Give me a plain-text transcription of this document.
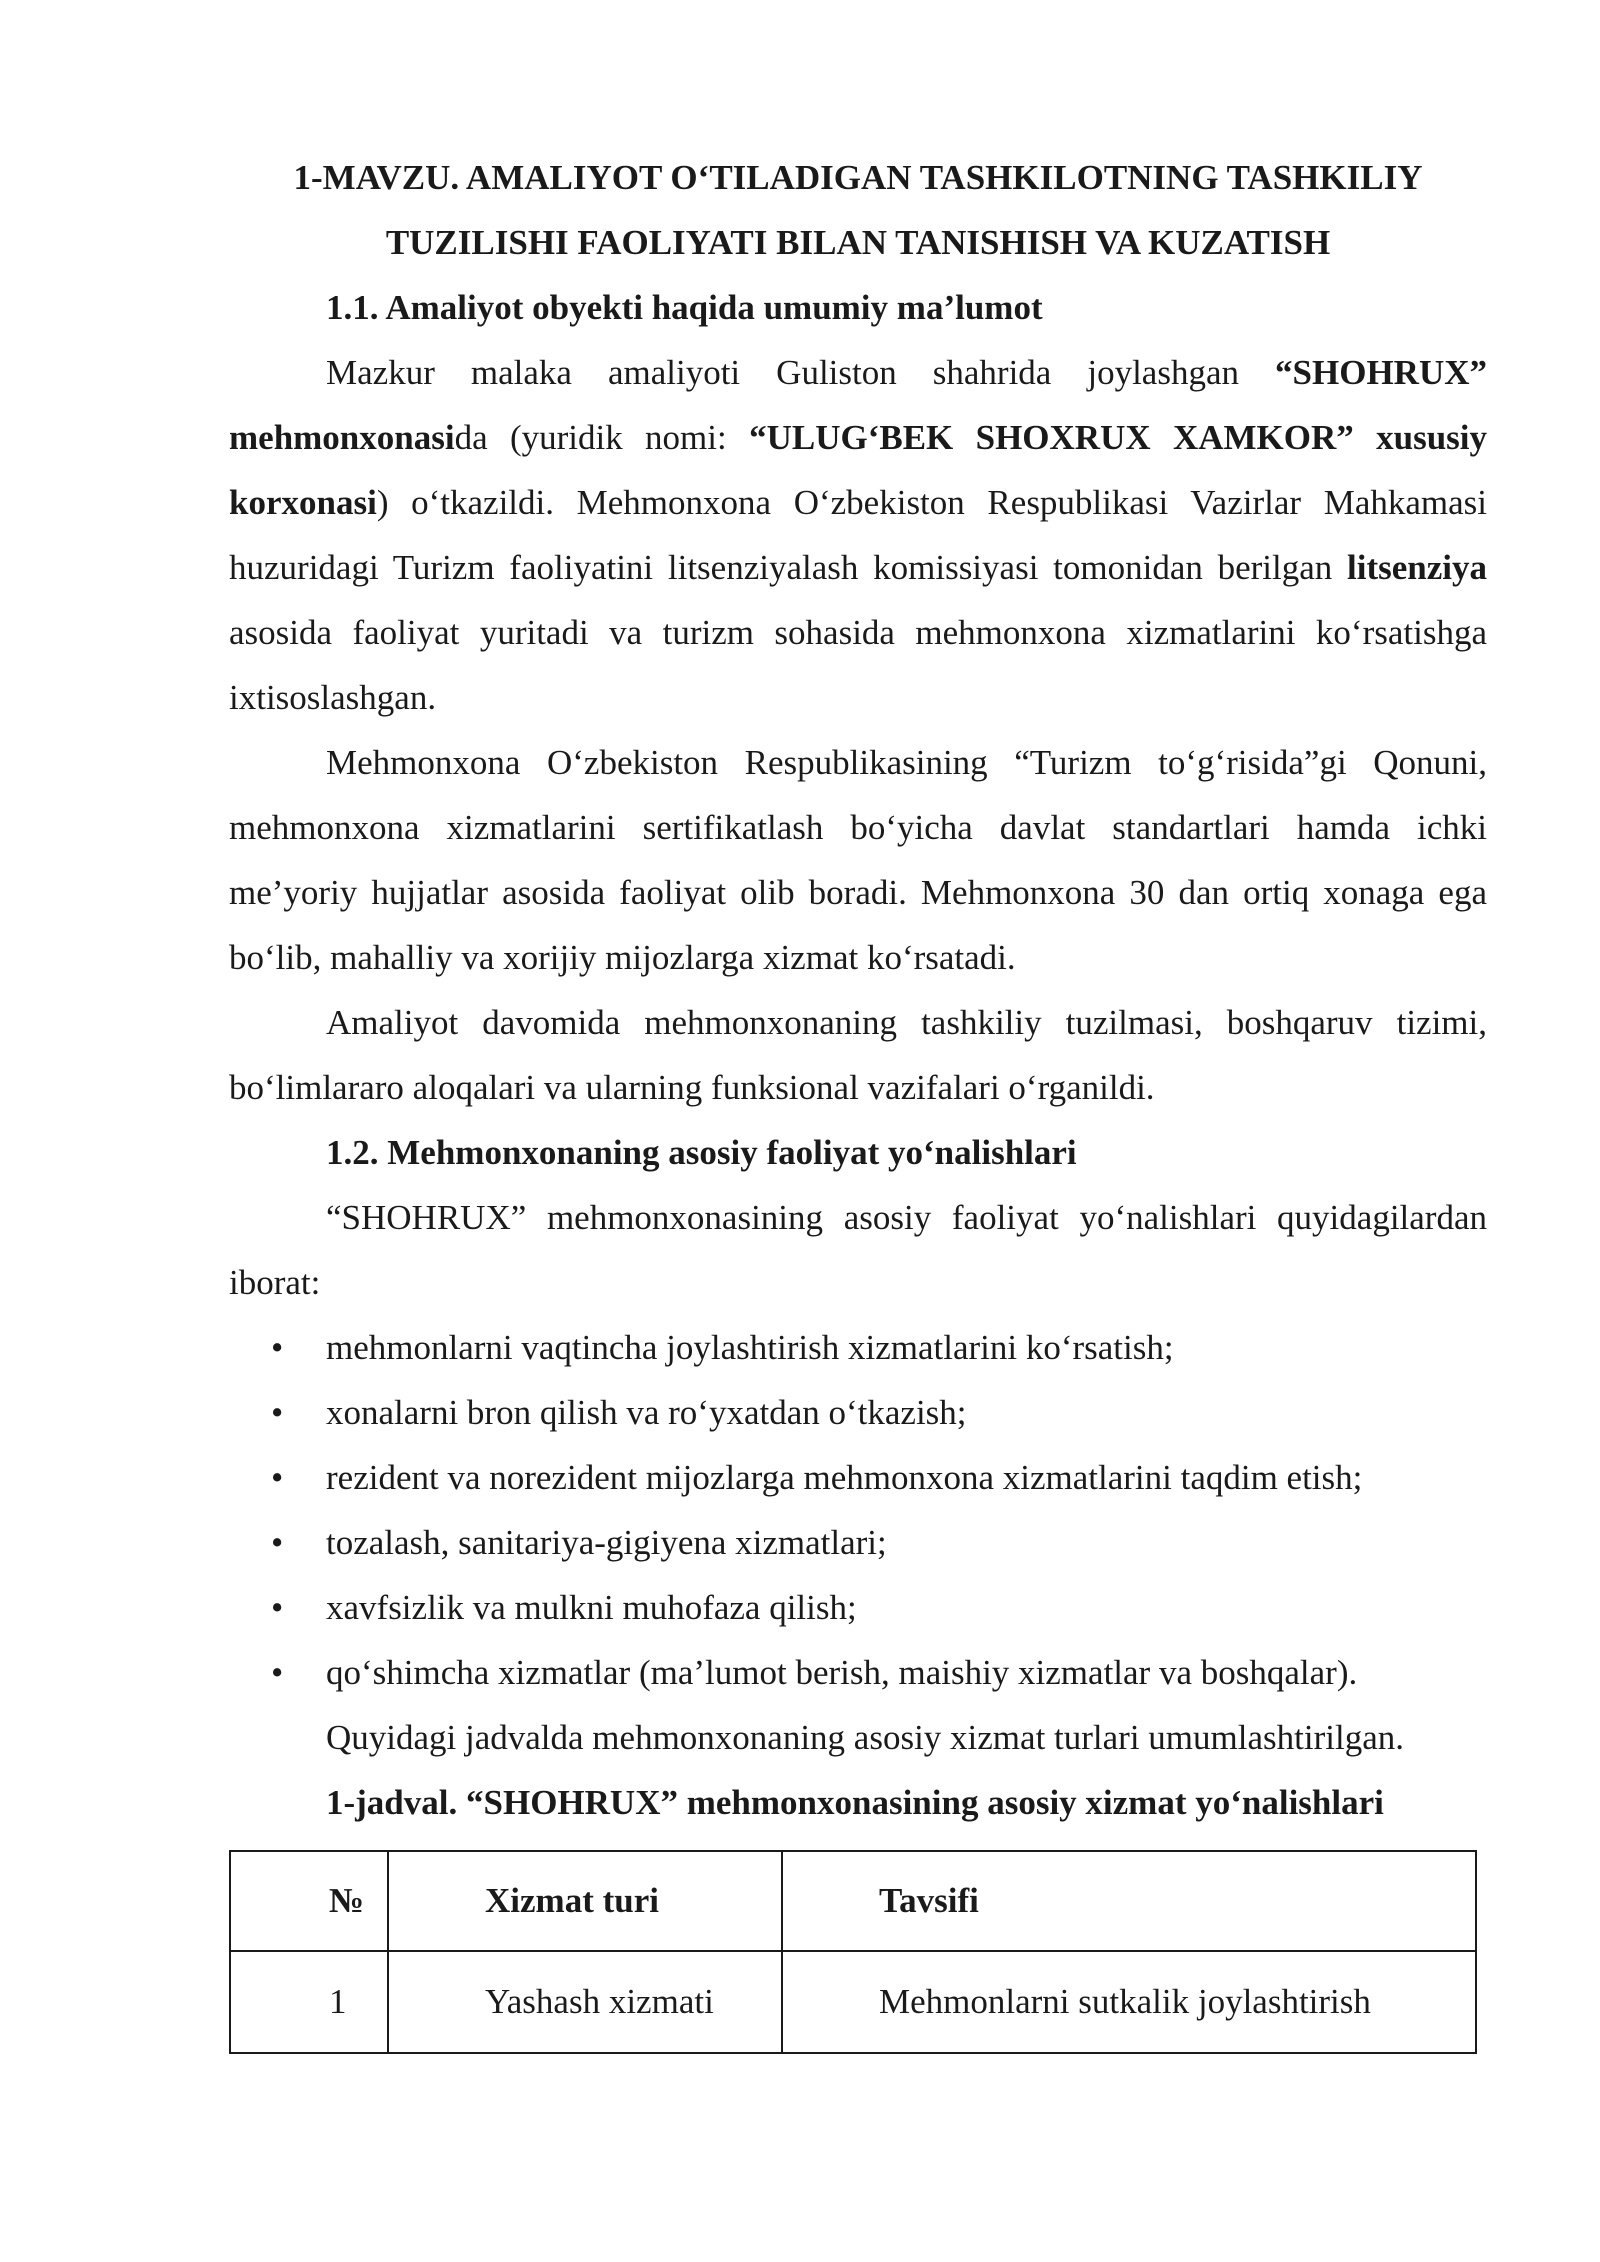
1-MAVZU. AMALIYOT O‘TILADIGAN TASHKILOTNING TASHKILIY
TUZILISHI FAOLIYATI BILAN TANISHISH VA KUZATISH

1.1. Amaliyot obyekti haqida umumiy ma’lumot

Mazkur malaka amaliyoti Guliston shahrida joylashgan “SHOHRUX” mehmonxonasida (yuridik nomi: “ULUG‘BEK SHOXRUX XAMKOR” xususiy korxonasi) o‘tkazildi. Mehmonxona O‘zbekiston Respublikasi Vazirlar Mahkamasi huzuridagi Turizm faoliyatini litsenziyalash komissiyasi tomonidan berilgan litsenziya asosida faoliyat yuritadi va turizm sohasida mehmonxona xizmatlarini ko‘rsatishga ixtisoslashgan.

Mehmonxona O‘zbekiston Respublikasining “Turizm to‘g‘risida”gi Qonuni, mehmonxona xizmatlarini sertifikatlash bo‘yicha davlat standartlari hamda ichki me’yoriy hujjatlar asosida faoliyat olib boradi. Mehmonxona 30 dan ortiq xonaga ega bo‘lib, mahalliy va xorijiy mijozlarga xizmat ko‘rsatadi.

Amaliyot davomida mehmonxonaning tashkiliy tuzilmasi, boshqaruv tizimi, bo‘limlararo aloqalari va ularning funksional vazifalari o‘rganildi.

1.2. Mehmonxonaning asosiy faoliyat yo‘nalishlari

“SHOHRUX” mehmonxonasining asosiy faoliyat yo‘nalishlari quyidagilardan iborat:

• mehmonlarni vaqtincha joylashtirish xizmatlarini ko‘rsatish;
• xonalarni bron qilish va ro‘yxatdan o‘tkazish;
• rezident va norezident mijozlarga mehmonxona xizmatlarini taqdim etish;
• tozalash, sanitariya-gigiyena xizmatlari;
• xavfsizlik va mulkni muhofaza qilish;
• qo‘shimcha xizmatlar (ma’lumot berish, maishiy xizmatlar va boshqalar).

Quyidagi jadvalda mehmonxonaning asosiy xizmat turlari umumlashtirilgan.

1-jadval. “SHOHRUX” mehmonxonasining asosiy xizmat yo‘nalishlari

№	Xizmat turi	Tavsifi

1	Yashash xizmati	Mehmonlarni sutkalik joylashtirish
